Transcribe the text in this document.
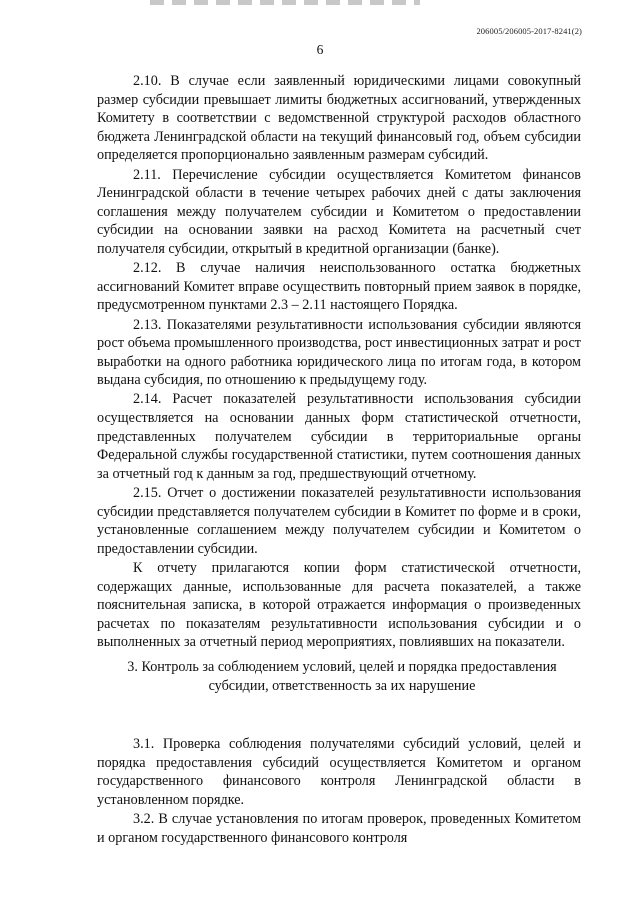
206005/206005-2017-8241(2)
6

2.10. В случае если заявленный юридическими лицами совокупный размер субсидии превышает лимиты бюджетных ассигнований, утвержденных Комитету в соответствии с ведомственной структурой расходов областного бюджета Ленинградской области на текущий финансовый год, объем субсидии определяется пропорционально заявленным размерам субсидий.

2.11. Перечисление субсидии осуществляется Комитетом финансов Ленинградской области в течение четырех рабочих дней с даты заключения соглашения между получателем субсидии и Комитетом о предоставлении субсидии на основании заявки на расход Комитета на расчетный счет получателя субсидии, открытый в кредитной организации (банке).

2.12. В случае наличия неиспользованного остатка бюджетных ассигнований Комитет вправе осуществить повторный прием заявок в порядке, предусмотренном пунктами 2.3 – 2.11 настоящего Порядка.

2.13. Показателями результативности использования субсидии являются рост объема промышленного производства, рост инвестиционных затрат и рост выработки на одного работника юридического лица по итогам года, в котором выдана субсидия, по отношению к предыдущему году.

2.14. Расчет показателей результативности использования субсидии осуществляется на основании данных форм статистической отчетности, представленных получателем субсидии в территориальные органы Федеральной службы государственной статистики, путем соотношения данных за отчетный год к данным за год, предшествующий отчетному.

2.15. Отчет о достижении показателей результативности использования субсидии представляется получателем субсидии в Комитет по форме и в сроки, установленные соглашением между получателем субсидии и Комитетом о предоставлении субсидии.

К отчету прилагаются копии форм статистической отчетности, содержащих данные, использованные для расчета показателей, а также пояснительная записка, в которой отражается информация о произведенных расчетах по показателям результативности использования субсидии и о выполненных за отчетный период мероприятиях, повлиявших на показатели.

3. Контроль за соблюдением условий, целей и порядка предоставления
субсидии, ответственность за их нарушение

3.1. Проверка соблюдения получателями субсидий условий, целей и порядка предоставления субсидий осуществляется Комитетом и органом государственного финансового контроля Ленинградской области в установленном порядке.

3.2. В случае установления по итогам проверок, проведенных Комитетом и органом государственного финансового контроля
